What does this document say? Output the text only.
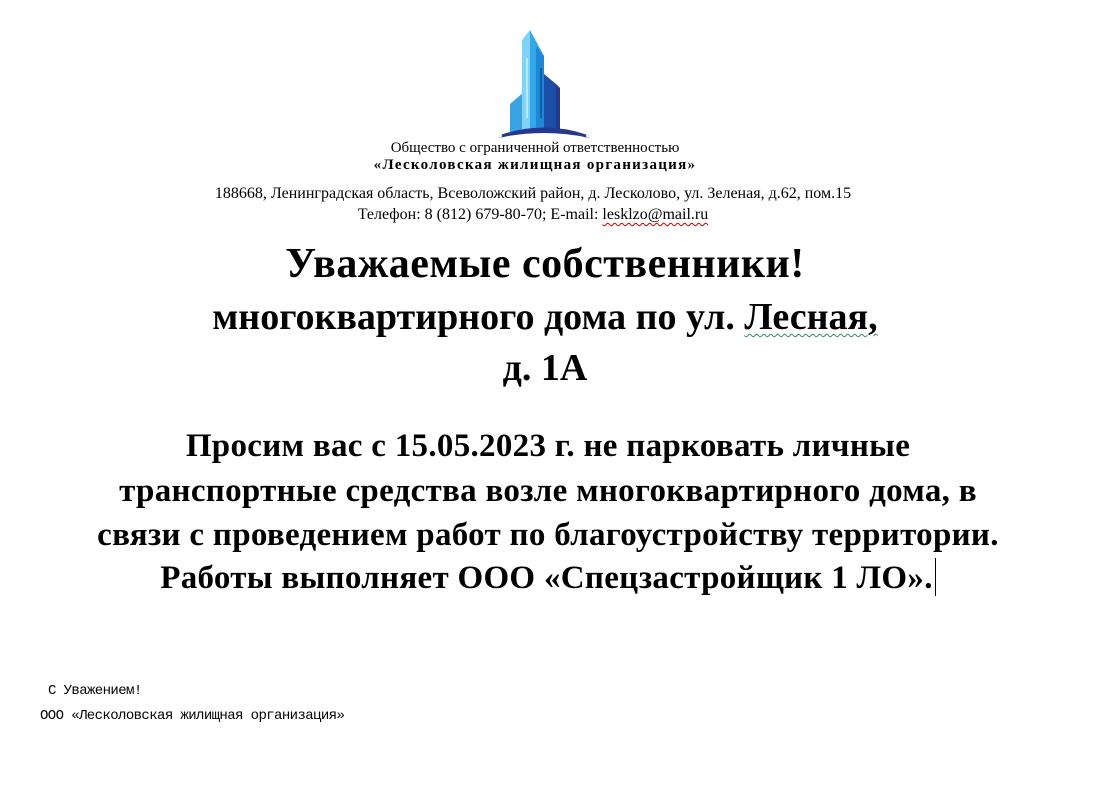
Общество с ограниченной ответственностью
«Лесколовская жилищная организация»
188668, Ленинградская область, Всеволожский район, д. Лесколово, ул. Зеленая, д.62, пом.15
Телефон: 8 (812) 679-80-70; E-mail: lesklzo@mail.ru
Уважаемые собственники!
многоквартирного дома по ул. Лесная,
д. 1А
Просим вас с 15.05.2023 г. не парковать личные
транспортные средства возле многоквартирного дома, в
связи с проведением работ по благоустройству территории.
Работы выполняет ООО «Спецзастройщик 1 ЛО».
С Уважением!
ООО «Лесколовская жилищная организация»
